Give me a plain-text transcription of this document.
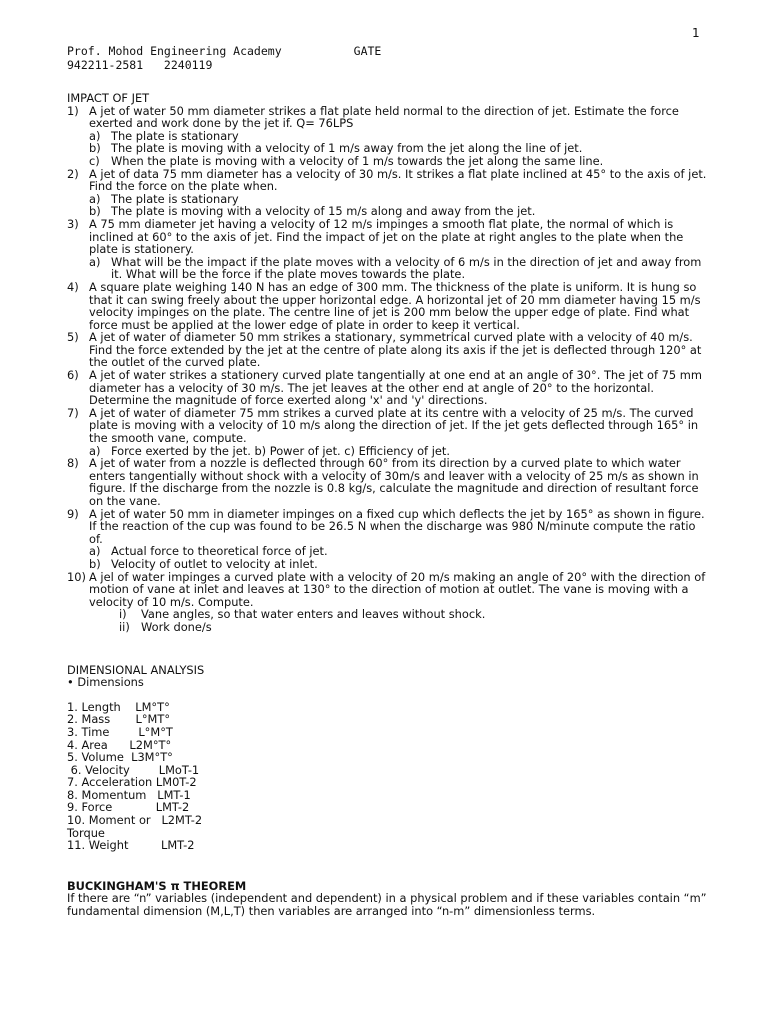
1
Prof. Mohod Engineering Academy	GATE
942211-2581   2240119
IMPACT OF JET
1) A jet of water 50 mm diameter strikes a flat plate held normal to the direction of jet. Estimate the force exerted and work done by the jet if. Q= 76LPS
a) The plate is stationary
b) The plate is moving with a velocity of 1 m/s away from the jet along the line of jet.
c) When the plate is moving with a velocity of 1 m/s towards the jet along the same line.
2) A jet of data 75 mm diameter has a velocity of 30 m/s. It strikes a flat plate inclined at 45° to the axis of jet. Find the force on the plate when.
a) The plate is stationary
b) The plate is moving with a velocity of 15 m/s along and away from the jet.
3) A 75 mm diameter jet having a velocity of 12 m/s impinges a smooth flat plate, the normal of which is inclined at 60° to the axis of jet. Find the impact of jet on the plate at right angles to the plate when the plate is stationery.
a) What will be the impact if the plate moves with a velocity of 6 m/s in the direction of jet and away from it. What will be the force if the plate moves towards the plate.
4) A square plate weighing 140 N has an edge of 300 mm. The thickness of the plate is uniform. It is hung so that it can swing freely about the upper horizontal edge. A horizontal jet of 20 mm diameter having 15 m/s velocity impinges on the plate. The centre line of jet is 200 mm below the upper edge of plate. Find what force must be applied at the lower edge of plate in order to keep it vertical.
5) A jet of water of diameter 50 mm strikes a stationary, symmetrical curved plate with a velocity of 40 m/s. Find the force extended by the jet at the centre of plate along its axis if the jet is deflected through 120° at the outlet of the curved plate.
6) A jet of water strikes a stationery curved plate tangentially at one end at an angle of 30°. The jet of 75 mm diameter has a velocity of 30 m/s. The jet leaves at the other end at angle of 20° to the horizontal. Determine the magnitude of force exerted along 'x' and 'y' directions.
7) A jet of water of diameter 75 mm strikes a curved plate at its centre with a velocity of 25 m/s. The curved plate is moving with a velocity of 10 m/s along the direction of jet. If the jet gets deflected through 165° in the smooth vane, compute.
a) Force exerted by the jet. b) Power of jet. c) Efficiency of jet.
8) A jet of water from a nozzle is deflected through 60° from its direction by a curved plate to which water enters tangentially without shock with a velocity of 30m/s and leaver with a velocity of 25 m/s as shown in figure. If the discharge from the nozzle is 0.8 kg/s, calculate the magnitude and direction of resultant force on the vane.
9) A jet of water 50 mm in diameter impinges on a fixed cup which deflects the jet by 165° as shown in figure. If the reaction of the cup was found to be 26.5 N when the discharge was 980 N/minute compute the ratio of.
a) Actual force to theoretical force of jet.
b) Velocity of outlet to velocity at inlet.
10) A jel of water impinges a curved plate with a velocity of 20 m/s making an angle of 20° with the direction of motion of vane at inlet and leaves at 130° to the direction of motion at outlet. The vane is moving with a velocity of 10 m/s. Compute.
i)	Vane angles, so that water enters and leaves without shock.
ii) Work done/s
DIMENSIONAL ANALYSIS
• Dimensions
1. Length    LM°T°
2. Mass       L°MT°
3. Time        L°M°T
4. Area      L2M°T°
5. Volume  L3M°T°
6. Velocity        LMoT-1
7. Acceleration LM0T-2
8. Momentum   LMT-1
9. Force            LMT-2
10. Moment or   L2MT-2
Torque
11. Weight         LMT-2
BUCKINGHAM'S π THEOREM
If there are “n” variables (independent and dependent) in a physical problem and if these variables contain “m” fundamental dimension (M,L,T) then variables are arranged into “n-m” dimensionless terms.
